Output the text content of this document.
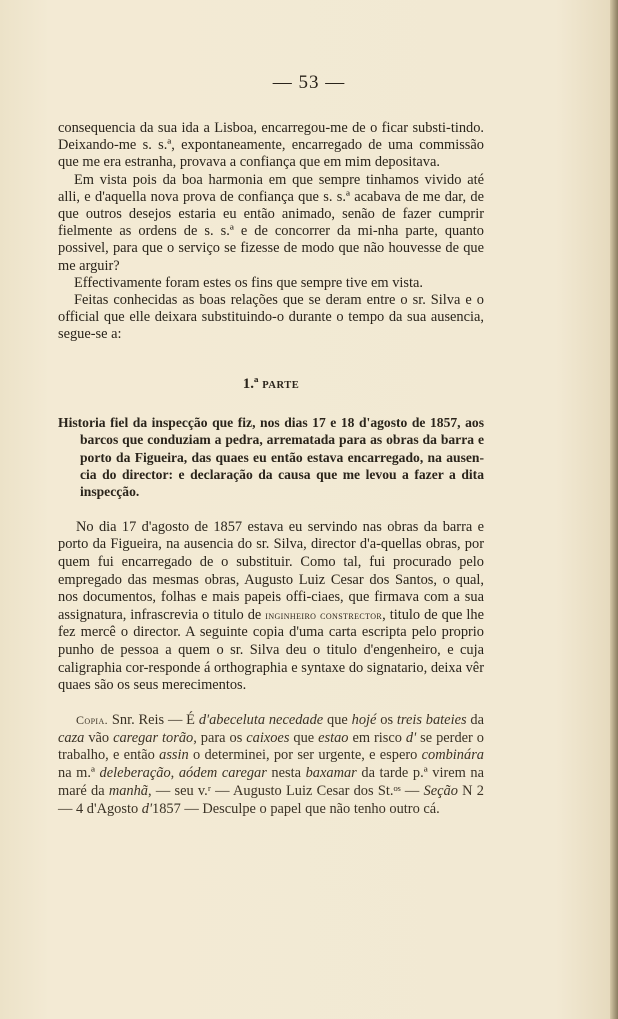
— 53 —

consequencia da sua ida a Lisboa, encarregou-me de o ficar substi-tindo. Deixando-me s. s.ª, expontaneamente, encarregado de uma commissão que me era estranha, provava a confiança que em mim depositava.

Em vista pois da boa harmonia em que sempre tinhamos vivido até alli, e d'aquella nova prova de confiança que s. s.ª acabava de me dar, de que outros desejos estaria eu então animado, senão de fazer cumprir fielmente as ordens de s. s.ª e de concorrer da mi-nha parte, quanto possivel, para que o serviço se fizesse de modo que não houvesse de que me arguir?

Effectivamente foram estes os fins que sempre tive em vista.

Feitas conhecidas as boas relações que se deram entre o sr. Silva e o official que elle deixara substituindo-o durante o tempo da sua ausencia, segue-se a:

1.ª PARTE

Historia fiel da inspecção que fiz, nos dias 17 e 18 d'agosto de 1857, aos barcos que conduziam a pedra, arrematada para as obras da barra e porto da Figueira, das quaes eu então estava encarregado, na ausen-cia do director: e declaração da causa que me levou a fazer a dita inspecção.

No dia 17 d'agosto de 1857 estava eu servindo nas obras da barra e porto da Figueira, na ausencia do sr. Silva, director d'a-quellas obras, por quem fui encarregado de o substituir. Como tal, fui procurado pelo empregado das mesmas obras, Augusto Luiz Cesar dos Santos, o qual, nos documentos, folhas e mais papeis offi-ciaes, que firmava com a sua assignatura, infrascrevia o titulo de inginheiro constrector, titulo de que lhe fez mercê o director. A seguinte copia d'uma carta escripta pelo proprio punho de pessoa a quem o sr. Silva deu o titulo d'engenheiro, e cuja caligraphia cor-responde á orthographia e syntaxe do signatario, deixa vêr quaes são os seus merecimentos.

Copia. Snr. Reis — É d'abeceluta necedade que hojé os treis bateies da caza vão caregar torão, para os caixoes que estao em risco d' se perder o trabalho, e então assin o determinei, por ser urgente, e espero combinára na m.ª deleberação, aódem caregar nesta baxamar da tarde p.ª virem na maré da manhã, — seu v.ʳ — Augusto Luiz Cesar dos St.ᵒˢ — Seção N 2 — 4 d'Agosto d'1857 — Desculpe o papel que não tenho outro cá.
